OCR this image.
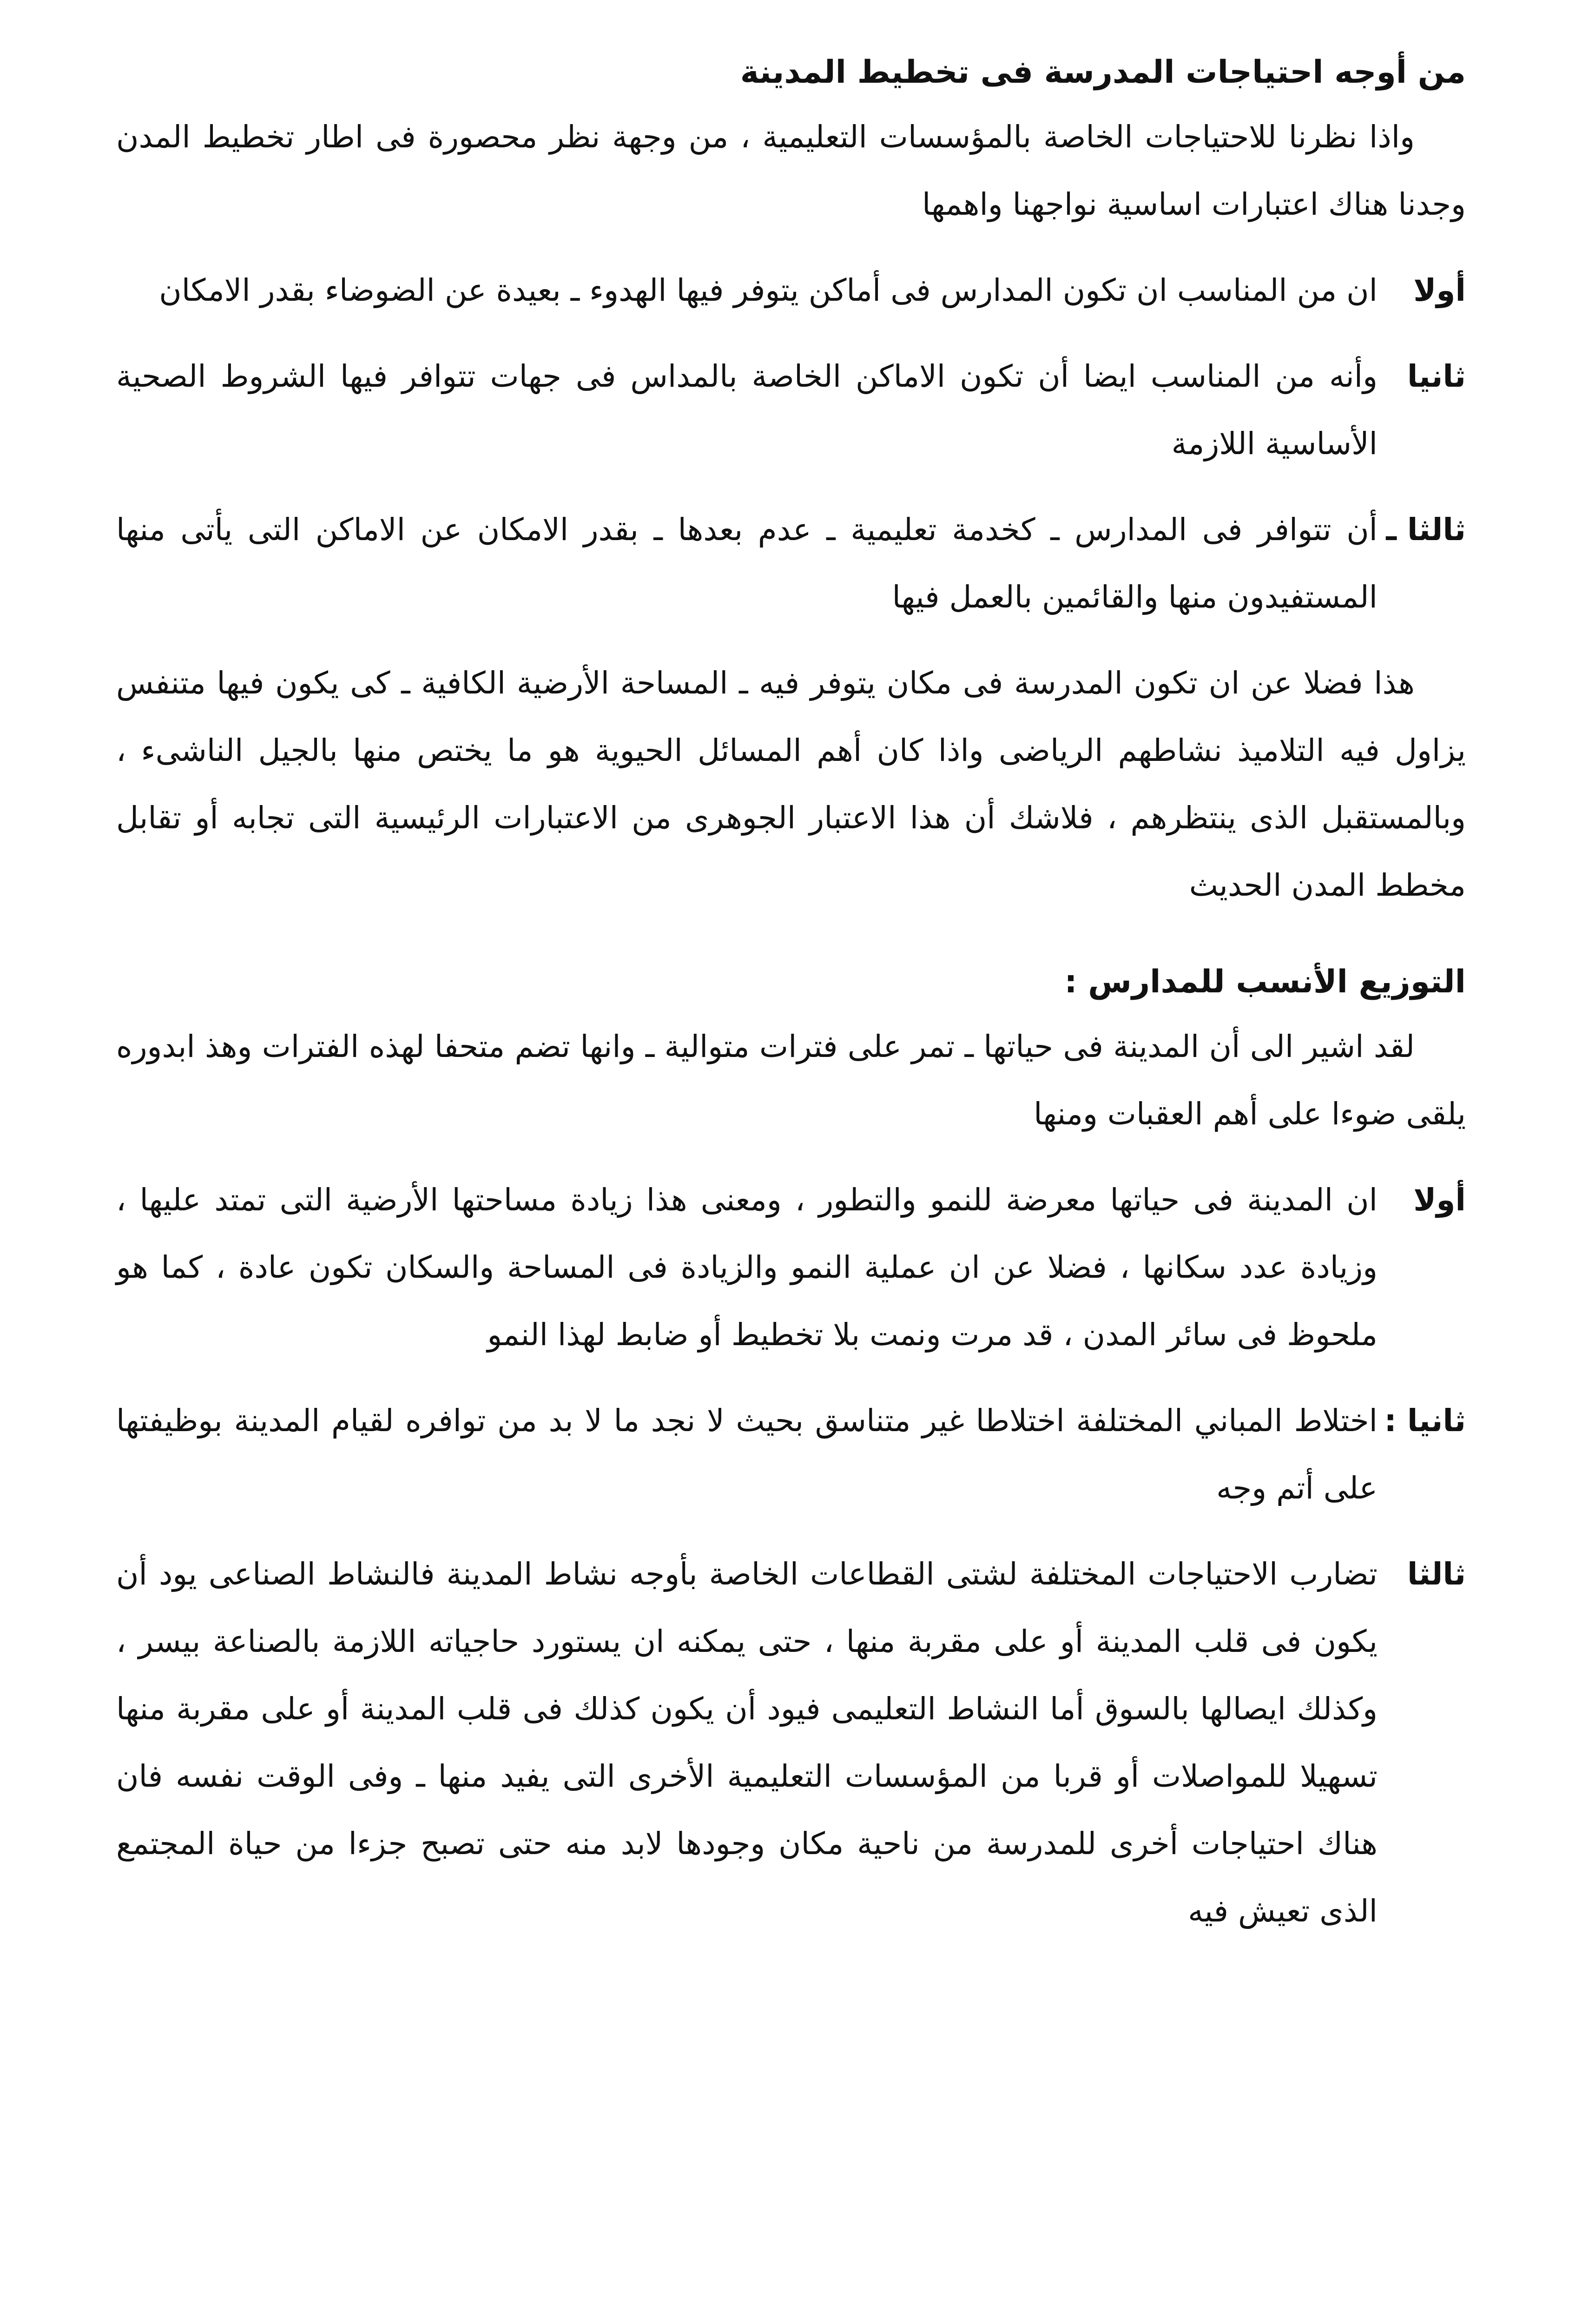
من أوجه احتياجات المدرسة فى تخطيط المدينة

واذا نظرنا للاحتياجات الخاصة بالمؤسسات التعليمية ، من وجهة نظر محصورة فى اطار تخطيط المدن وجدنا هناك اعتبارات اساسية نواجهنا واهمها

أولا
ان من المناسب ان تكون المدارس فى أماكن يتوفر فيها الهدوء ـ بعيدة عن الضوضاء بقدر الامكان
ثانيا
وأنه من المناسب ايضا أن تكون الاماكن الخاصة بالمداس فى جهات تتوافر فيها الشروط الصحية الأساسية اللازمة
ثالثا ـ
أن تتوافر فى المدارس ـ كخدمة تعليمية ـ عدم بعدها ـ بقدر الامكان عن الاماكن التى يأتى منها المستفيدون منها والقائمين بالعمل فيها

هذا فضلا عن ان تكون المدرسة فى مكان يتوفر فيه ـ المساحة الأرضية الكافية ـ كى يكون فيها متنفس يزاول فيه التلاميذ نشاطهم الرياضى واذا كان أهم المسائل الحيوية هو ما يختص منها بالجيل الناشىء ، وبالمستقبل الذى ينتظرهم ، فلاشك أن هذا الاعتبار الجوهرى من الاعتبارات الرئيسية التى تجابه أو تقابل مخطط المدن الحديث

التوزيع الأنسب للمدارس :

لقد اشير الى أن المدينة فى حياتها ـ تمر على فترات متوالية ـ وانها تضم متحفا لهذه الفترات وهذ ابدوره يلقى ضوءا على أهم العقبات ومنها

أولا
ان المدينة فى حياتها معرضة للنمو والتطور ، ومعنى هذا زيادة مساحتها الأرضية التى تمتد عليها ، وزيادة عدد سكانها ، فضلا عن ان عملية النمو والزيادة فى المساحة والسكان تكون عادة ، كما هو ملحوظ فى سائر المدن ، قد مرت ونمت بلا تخطيط أو ضابط لهذا النمو
ثانيا :
اختلاط المباني المختلفة اختلاطا غير متناسق بحيث لا نجد ما لا بد من توافره لقيام المدينة بوظيفتها على أتم وجه
ثالثا
تضارب الاحتياجات المختلفة لشتى القطاعات الخاصة بأوجه نشاط المدينة فالنشاط الصناعى يود أن يكون فى قلب المدينة أو على مقربة منها ، حتى يمكنه ان يستورد حاجياته اللازمة بالصناعة بيسر ، وكذلك ايصالها بالسوق أما النشاط التعليمى فيود أن يكون كذلك فى قلب المدينة أو على مقربة منها تسهيلا للمواصلات أو قربا من المؤسسات التعليمية الأخرى التى يفيد منها ـ وفى الوقت نفسه فان هناك احتياجات أخرى للمدرسة من ناحية مكان وجودها لابد منه حتى تصبح جزءا من حياة المجتمع الذى تعيش فيه
